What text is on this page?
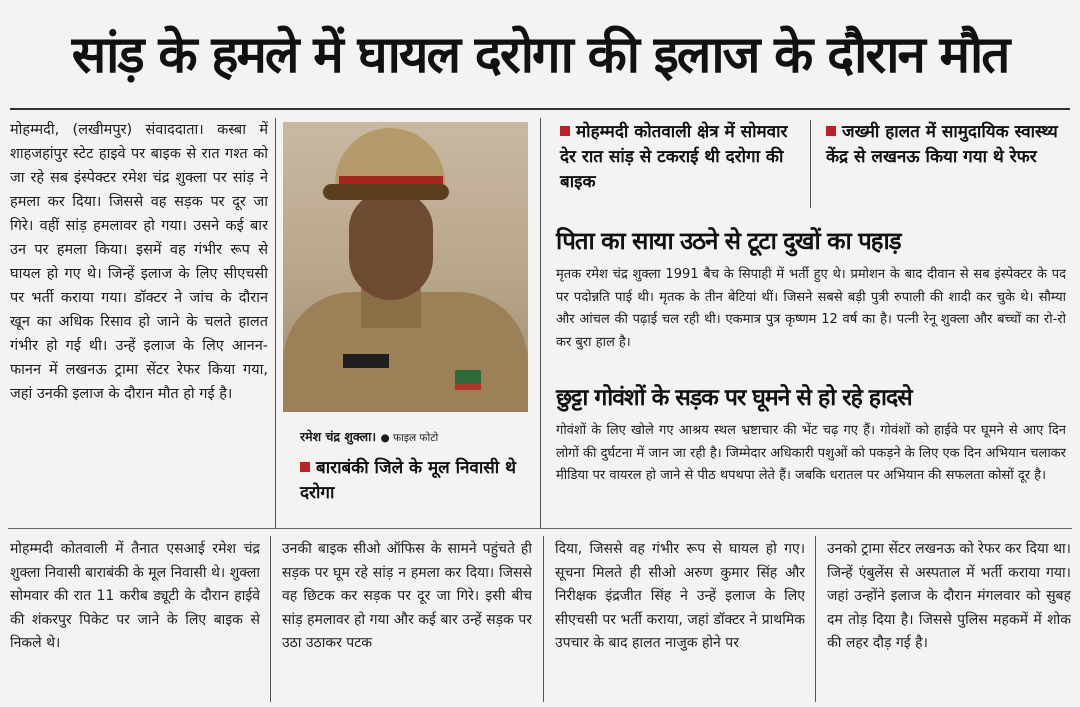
सांड़ के हमले में घायल दरोगा की इलाज के दौरान मौत
मोहम्मदी, (लखीमपुर) संवाददाता। कस्बा में शाहजहांपुर स्टेट हाइवे पर बाइक से रात गश्त को जा रहे सब इंस्पेक्टर रमेश चंद्र शुक्ला पर सांड़ ने हमला कर दिया। जिससे वह सड़क पर दूर जा गिरे। वहीं सांड़ हमलावर हो गया। उसने कई बार उन पर हमला किया। इसमें वह गंभीर रूप से घायल हो गए थे। जिन्हें इलाज के लिए सीएचसी पर भर्ती कराया गया। डॉक्टर ने जांच के दौरान खून का अधिक रिसाव हो जाने के चलते हालत गंभीर हो गई थी। उन्हें इलाज के लिए आनन-फानन में लखनऊ ट्रामा सेंटर रेफर किया गया, जहां उनकी इलाज के दौरान मौत हो गई है।
रमेश चंद्र शुक्ला। ● फाइल फोटो
बाराबंकी जिले के मूल निवासी थे दरोगा
मोहम्मदी कोतवाली क्षेत्र में सोमवार देर रात सांड़ से टकराई थी दरोगा की बाइक
जख्मी हालत में सामुदायिक स्वास्थ्य केंद्र से लखनऊ किया गया थे रेफर
पिता का साया उठने से टूटा दुखों का पहाड़
मृतक रमेश चंद्र शुक्ला 1991 बैच के सिपाही में भर्ती हुए थे। प्रमोशन के बाद दीवान से सब इंस्पेक्टर के पद पर पदोन्नति पाई थी। मृतक के तीन बेटियां थीं। जिसने सबसे बड़ी पुत्री रुपाली की शादी कर चुके थे। सौम्या और आंचल की पढ़ाई चल रही थी। एकमात्र पुत्र कृष्णम 12 वर्ष का है। पत्नी रेनू शुक्ला और बच्चों का रो-रो कर बुरा हाल है।
छुट्टा गोवंशों के सड़क पर घूमने से हो रहे हादसे
गोवंशों के लिए खोले गए आश्रय स्थल भ्रष्टाचार की भेंट चढ़ गए हैं। गोवंशों को हाईवे पर घूमने से आए दिन लोगों की दुर्घटना में जान जा रही है। जिम्मेदार अधिकारी पशुओं को पकड़ने के लिए एक दिन अभियान चलाकर मीडिया पर वायरल हो जाने से पीठ थपथपा लेते हैं। जबकि धरातल पर अभियान की सफलता कोसों दूर है।
मोहम्मदी कोतवाली में तैनात एसआई रमेश चंद्र शुक्ला निवासी बाराबंकी के मूल निवासी थे। शुक्ला सोमवार की रात 11 करीब ड्यूटी के दौरान हाईवे की शंकरपुर पिकेट पर जाने के लिए बाइक से निकले थे।
उनकी बाइक सीओ ऑफिस के सामने पहुंचते ही सड़क पर घूम रहे सांड़ न हमला कर दिया। जिससे वह छिटक कर सड़क पर दूर जा गिरे। इसी बीच सांड़ हमलावर हो गया और कई बार उन्हें सड़क पर उठा उठाकर पटक
दिया, जिससे वह गंभीर रूप से घायल हो गए। सूचना मिलते ही सीओ अरुण कुमार सिंह और निरीक्षक इंद्रजीत सिंह ने उन्हें इलाज के लिए सीएचसी पर भर्ती कराया, जहां डॉक्टर ने प्राथमिक उपचार के बाद हालत नाजुक होने पर
उनको ट्रामा सेंटर लखनऊ को रेफर कर दिया था। जिन्हें एंबुलेंस से अस्पताल में भर्ती कराया गया। जहां उन्होंने इलाज के दौरान मंगलवार को सुबह दम तोड़ दिया है। जिससे पुलिस महकमें में शोक की लहर दौड़ गई है।
